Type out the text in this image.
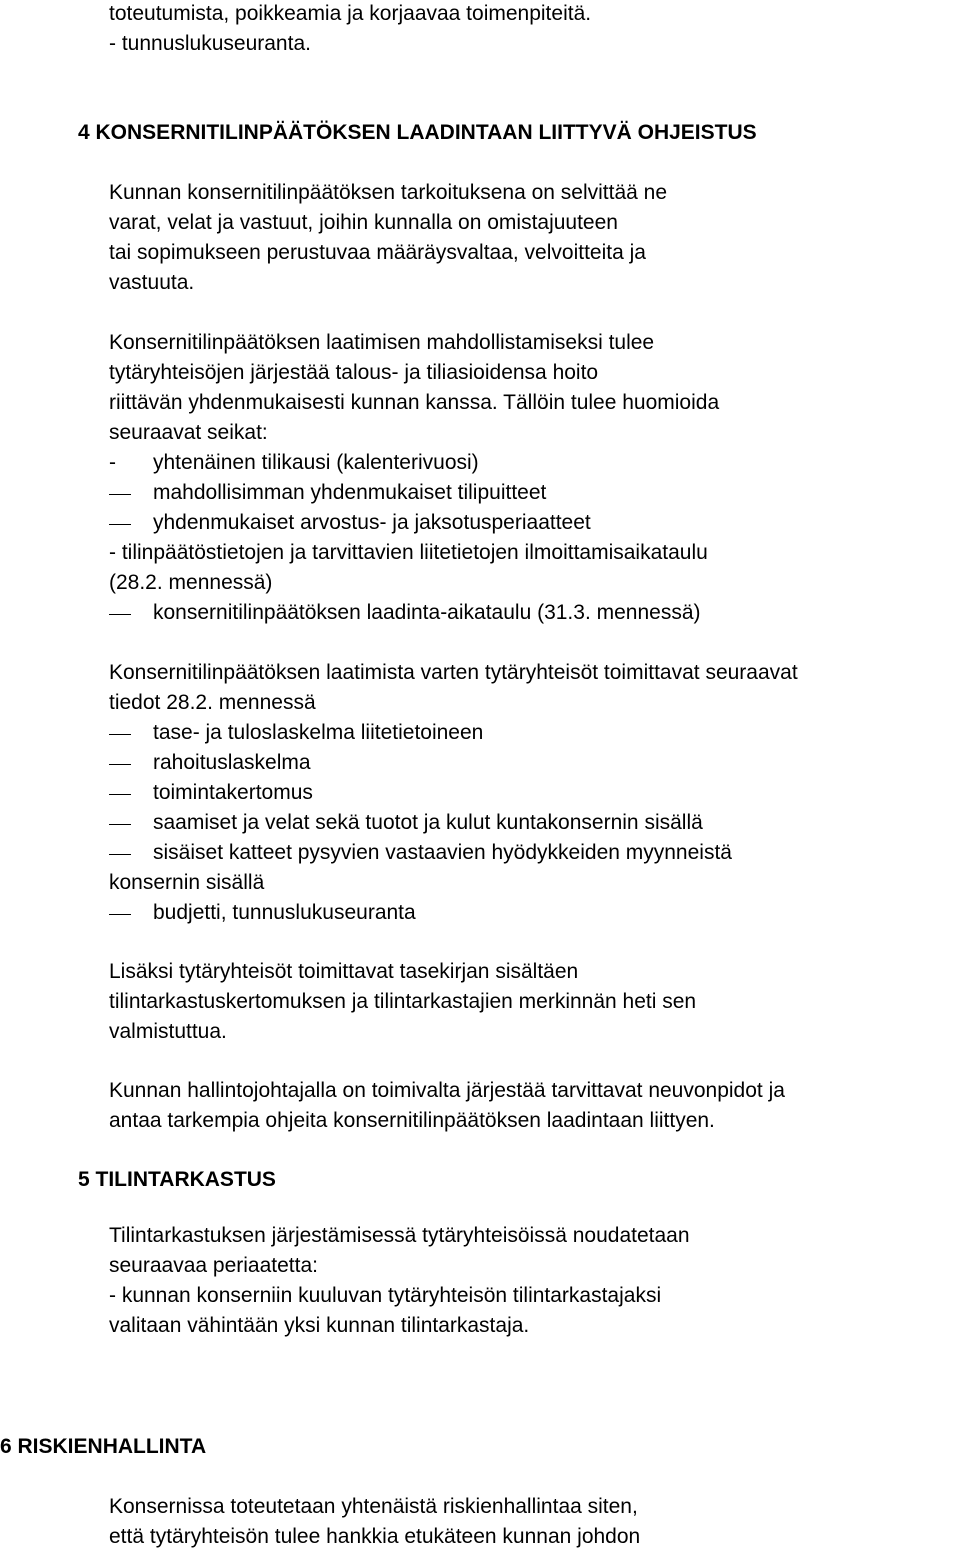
toteutumista, poikkeamia ja korjaavaa toimenpiteitä.

- tunnuslukuseuranta.

4 KONSERNITILINPÄÄTÖKSEN LAADINTAAN LIITTYVÄ OHJEISTUS

Kunnan konsernitilinpäätöksen tarkoituksena on selvittää ne

varat, velat ja vastuut, joihin kunnalla on omistajuuteen

tai sopimukseen perustuvaa määräysvaltaa, velvoitteita ja

vastuuta.

Konsernitilinpäätöksen laatimisen mahdollistamiseksi tulee

tytäryhteisöjen järjestää talous- ja tiliasioidensa hoito

riittävän yhdenmukaisesti kunnan kanssa. Tällöin tulee huomioida

seuraavat seikat:

- yhtenäinen tilikausi (kalenterivuosi)

mahdollisimman yhdenmukaiset tilipuitteet

yhdenmukaiset arvostus- ja jaksotusperiaatteet

- tilinpäätöstietojen ja tarvittavien liitetietojen ilmoittamisaikataulu

(28.2. mennessä)

konsernitilinpäätöksen laadinta-aikataulu (31.3. mennessä)

Konsernitilinpäätöksen laatimista varten tytäryhteisöt toimittavat seuraavat

tiedot 28.2. mennessä

tase- ja tuloslaskelma liitetietoineen

rahoituslaskelma

toimintakertomus

saamiset ja velat sekä tuotot ja kulut kuntakonsernin sisällä

sisäiset katteet pysyvien vastaavien hyödykkeiden myynneistä

konsernin sisällä

budjetti, tunnuslukuseuranta

Lisäksi tytäryhteisöt toimittavat tasekirjan sisältäen

tilintarkastuskertomuksen ja tilintarkastajien merkinnän heti sen

valmistuttua.

Kunnan hallintojohtajalla on toimivalta järjestää tarvittavat neuvonpidot ja

antaa tarkempia ohjeita konsernitilinpäätöksen laadintaan liittyen.

5 TILINTARKASTUS

Tilintarkastuksen järjestämisessä tytäryhteisöissä noudatetaan

seuraavaa periaatetta:

- kunnan konserniin kuuluvan tytäryhteisön tilintarkastajaksi

valitaan vähintään yksi kunnan tilintarkastaja.

6 RISKIENHALLINTA

Konsernissa toteutetaan yhtenäistä riskienhallintaa siten,

että tytäryhteisön tulee hankkia etukäteen kunnan johdon
